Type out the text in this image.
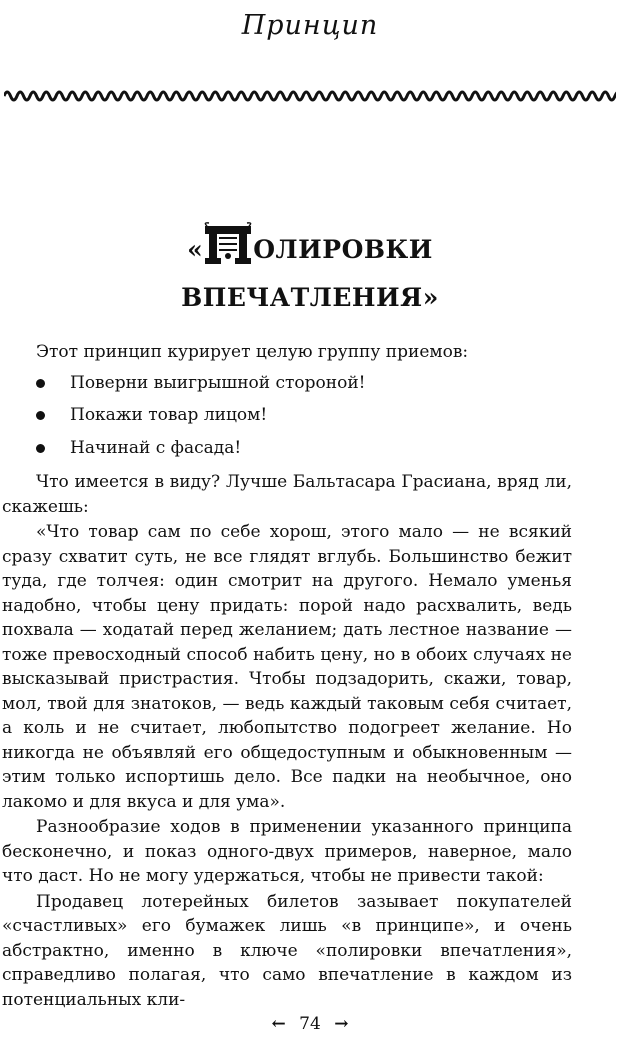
Принцип
« ОЛИРОВКИ
ВПЕЧАТЛЕНИЯ»

Этот принцип курирует целую группу приемов:

Поверни выигрышной стороной!
Покажи товар лицом!
Начинай с фасада!

Что имеется в виду? Лучше Бальтасара Грасиана, вряд ли, скажешь:

«Что товар сам по себе хорош, этого мало — не всякий сразу схватит суть, не все глядят вглубь. Большинство бежит туда, где толчея: один смотрит на другого. Немало уменья надобно, чтобы цену придать: порой надо расхвалить, ведь похвала — ходатай перед желанием; дать лестное название — тоже превосходный способ набить цену, но в обоих случаях не высказывай пристрастия. Чтобы подзадорить, скажи, товар, мол, твой для знатоков, — ведь каждый таковым себя считает, а коль и не считает, любопытство подогреет желание. Но никогда не объявляй его общедоступным и обыкновенным — этим только испортишь дело. Все падки на необычное, оно лакомо и для вкуса и для ума».

Разнообразие ходов в применении указанного принципа бесконечно, и показ одного-двух примеров, наверное, мало что даст. Но не могу удержаться, чтобы не привести такой:

Продавец лотерейных билетов зазывает покупателей «счастливых» его бумажек лишь «в принципе», и очень абстрактно, именно в ключе «полировки впечатления», справедливо полагая, что само впечатление в каждом из потенциальных кли-

← 74 →
